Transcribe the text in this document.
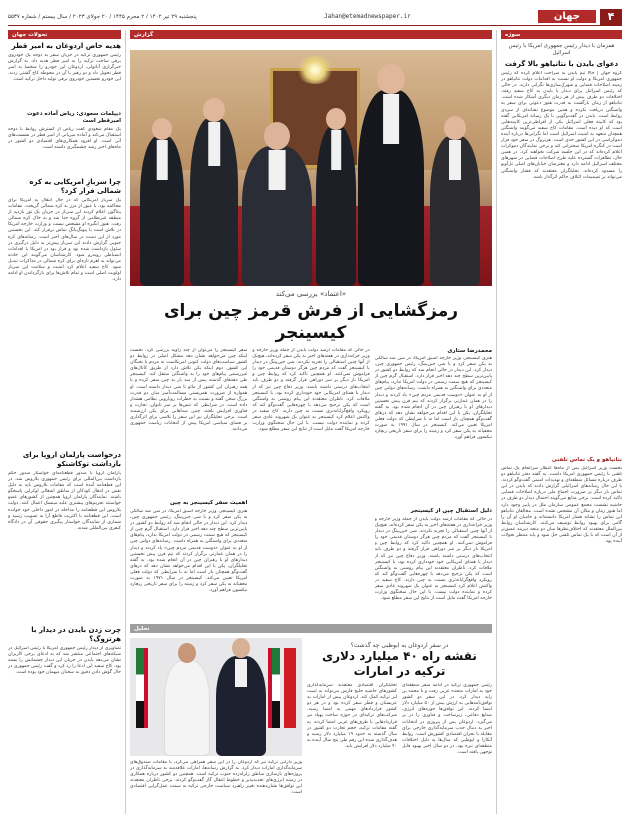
۴
جهان
Jahan@etemadnewspaper.ir
پنجشنبه ۲۹ تیر ۱۴۰۲ / ۲ محرم ۱۴۴۵ / ۲۰ جولای ۲۰۲۳ / سال بیستم / شماره ۵۵۳۷
سوژه
همزمان با دیدار رئیس جمهوری امریکا با رئیس اسرائیل
دعوای بایدن با نتانیاهو بالا گرفت
گروه جهان | حالا تیم بایدن به صراحت اعلام کرده که رئیس جمهوری امریکا و دولت او نسبت به اقدامات دولت نتانیاهو در زمینه اصلاحات قضایی و شهرک‌سازی‌ها نگرانی دارند. در حالی که رئیس اسرائیل برای دیدار با بایدن به کاخ سفید رفته، اختلافات دو طرف بیش از هر زمان دیگری آشکار شده است. نتانیاهو از زمان بازگشت به قدرت هنوز دعوتی برای سفر به واشنگتن دریافت نکرده و همین موضوع نشانه‌ای از سردی روابط است. بایدن در گفت‌وگویی با یک رسانه امریکایی گفته بود که کابینه فعلی اسرائیل یکی از افراطی‌ترین کابینه‌هایی است که او دیده است. مقامات کاخ سفید می‌گویند واشنگتن همچنان متعهد به امنیت اسرائیل است اما نگرانی‌ها درباره آینده دموکراسی در این کشور جدی است. هرتزوگ در سفر خود قرار است در کنگره امریکا سخنرانی کند و برخی نمایندگان دموکرات اعلام کرده‌اند که در این جلسه شرکت نخواهند کرد. در همین حال، تظاهرات گسترده علیه طرح اصلاحات قضایی در شهرهای مختلف اسرائیل ادامه دارد و معترضان خیابان‌های اصلی تل‌آویو را مسدود کرده‌اند. تحلیلگران معتقدند که فشار واشنگتن می‌تواند بر تصمیمات ائتلاف حاکم اثرگذار باشد.
نتانیاهو و یک تماس تلفنی
نخست وزیر اسرائیل پس از ماه‌ها انتظار سرانجام یک تماس تلفنی با رئیس جمهوری امریکا داشت. به گفته دفتر نتانیاهو دو طرف درباره مسائل منطقه‌ای و تهدیدات امنیتی گفت‌وگو کردند. با این حال رسانه‌های اسرائیلی گزارش دادند که بایدن در این تماس بار دیگر بر ضرورت اجماع ملی درباره اصلاحات قضایی تاکید کرده است. برخی منابع می‌گویند احتمال دیدار دو طرف در حاشیه نشست مجمع عمومی سازمان ملل در پاییز وجود دارد اما هنوز زمان و مکان آن مشخص نشده است. مخالفان نتانیاهو این تماس را نشانه فشار امریکا دانسته‌اند و حامیان او آن را گامی برای بهبود روابط توصیف می‌کنند. کارشناسان روابط بین‌الملل معتقدند که اختلاف‌نظرها میان دو متحد دیرینه عمیق‌تر از آن است که با یک تماس تلفنی حل شود و باید منتظر تحولات آینده بود.
تحولات جهان
هدیه خاص اردوغان به امیر قطر
رئیس جمهوری ترکیه در جریان سفر به دوحه یک خودروی برقی ساخت ترکیه را به امیر قطر هدیه داد. به گزارش خبرگزاری آناتولی، اردوغان این خودرو را شخصا به امیر قطر تحویل داد و دو رهبر با آن در محوطه کاخ گشتی زدند. این خودرو نخستین خودروی برقی تولید داخل ترکیه است.
دیپلمات سعودی: ریاض آماده دعوت امیرقطر است
یک مقام سعودی گفت ریاض از گسترش روابط با دوحه استقبال می‌کند و آماده میزبانی از امیر قطر در نشست‌های آتی است. او افزود همکاری‌های اقتصادی دو کشور در ماه‌های اخیر رشد چشمگیری داشته است.
چرا سربازِ امریکایی به کره شمالی فرار کرد؟
یک سرباز امریکایی که در حال انتقال به امریکا برای محاکمه بود، با عبور از مرز به کره شمالی گریخت. مقامات پنتاگون اعلام کردند این سرباز در جریان یک تور بازدید از منطقه غیرنظامی از گروه جدا شد و به خاک کره شمالی رفت. هنوز انگیزه او مشخص نیست و وزارت خارجه امریکا در تلاش است با پیونگ‌یانگ تماس برقرار کند. این نخستین مورد از این دست در سال‌های اخیر است. رسانه‌های کره جنوبی گزارش دادند این سرباز پیش‌تر به دلیل درگیری در سئول بازداشت شده بود و قرار بود در امریکا با اقدامات انضباطی روبه‌رو شود. کارشناسان می‌گویند این حادثه می‌تواند به اهرم تازه‌ای برای کره شمالی در مذاکرات تبدیل شود. کاخ سفید اعلام کرد امنیت و سلامت این سرباز اولویت اصلی است و تمام تلاش‌ها برای بازگرداندن او ادامه دارد.
درخواست پارلمان اروپا برای بازداشت توکاشنکو
پارلمان اروپا با صدور قطعنامه‌ای خواستار صدور حکم بازداشت بین‌المللی برای رئیس جمهوری بلاروس شد. در این قطعنامه آمده است که مقامات بلاروس باید به دلیل نقش در انتقال کودکان از مناطق اشغالی اوکراین پاسخگو باشند. نمایندگان پارلمان اروپا همچنین از کشورهای عضو خواستند تحریم‌های بیشتری علیه مینسک اعمال کنند. دولت بلاروس این قطعنامه را مداخله در امور داخلی خود خوانده است. این قطعنامه با اکثریت قاطع آرا به تصویب رسید و شماری از نمایندگان خواستار پیگیری حقوقی آن در دادگاه کیفری بین‌المللی شدند.
چرت زدن بایدن در دیدار با هرتزوگ؟
تصاویری از دیدار رئیس جمهوری امریکا با رئیس اسرائیل در شبکه‌های اجتماعی منتشر شد که به ادعای برخی کاربران نشان می‌دهد بایدن در جریان این دیدار چشمانش را بسته بود. کاخ سفید این ادعا را رد کرد و گفت رئیس جمهوری در حال گوش دادن دقیق به سخنان میهمان خود بوده است.
گزارش
«اعتماد» بررسی می‌کند
رمزگشایی از فرش قرمز چین برای کیسینجر
محمدرضا ستاری
هنری کیسینجر، وزیر خارجه اسبق امریکا، در سن صد سالگی به پکن سفر کرد و با شی جین‌پینگ، رئیس جمهوری چین، دیدار کرد. این دیدار در حالی انجام شد که روابط دو کشور در پایین‌ترین سطح چند دهه اخیر قرار دارد. استقبال گرم چین از کیسینجر که هیچ سمت رسمی در دولت امریکا ندارد، پیام‌های متعددی برای واشنگتن به همراه داشت. رسانه‌های دولتی چین از او به عنوان «دوست قدیمی مردم چین» یاد کردند و دیدار را در همان عمارتی برگزار کردند که نیم قرن پیش نخستین دیدارهای او با رهبران چین در آن انجام شده بود. به گفته تحلیلگران، پکن با این اقدام می‌خواهد نشان دهد که درهای گفت‌وگو همچنان باز است اما نه با شرایطی که دولت فعلی امریکا تعیین می‌کند. کیسینجر در سال ۱۹۷۱ به صورت مخفیانه به پکن سفر کرد و زمینه را برای سفر تاریخی ریچارد نیکسون فراهم آورد.
دلیل استقبال چین از کیسینجر
در حالی که مقامات ارشد دولت بایدن از جمله وزیر خارجه و وزیر خزانه‌داری در هفته‌های اخیر به پکن سفر کرده‌اند، هیچ‌یک از آنها چنین استقبالی را تجربه نکردند. شی جین‌پینگ در دیدار با کیسینجر گفت که مردم چین هرگز دوستان قدیمی خود را فراموش نمی‌کنند. او همچنین تاکید کرد که روابط چین و امریکا بار دیگر بر سر دوراهی قرار گرفته و دو طرف باید انتخاب‌های درستی داشته باشند. وزیر دفاع چین نیز که از دیدار با همتای امریکایی خود خودداری کرده بود، با کیسینجر ملاقات کرد. ناظران معتقدند این پیام روشنی به واشنگتن است که پکن ترجیح می‌دهد با چهره‌هایی گفت‌وگو کند که رویکرد واقع‌گرایانه‌تری نسبت به چین دارند. کاخ سفید در واکنش اعلام کرد کیسینجر به عنوان یک شهروند عادی سفر کرده و نماینده دولت نیست. با این حال سخنگوی وزارت خارجه امریکا گفت مایل است از نتایج این سفر مطلع شود.
در حالی که مقامات ارشد دولت بایدن از جمله وزیر خارجه و وزیر خزانه‌داری در هفته‌های اخیر به پکن سفر کرده‌اند، هیچ‌یک از آنها چنین استقبالی را تجربه نکردند. شی جین‌پینگ در دیدار با کیسینجر گفت که مردم چین هرگز دوستان قدیمی خود را فراموش نمی‌کنند. او همچنین تاکید کرد که روابط چین و امریکا بار دیگر بر سر دوراهی قرار گرفته و دو طرف باید انتخاب‌های درستی داشته باشند. وزیر دفاع چین نیز که از دیدار با همتای امریکایی خود خودداری کرده بود، با کیسینجر ملاقات کرد. ناظران معتقدند این پیام روشنی به واشنگتن است که پکن ترجیح می‌دهد با چهره‌هایی گفت‌وگو کند که رویکرد واقع‌گرایانه‌تری نسبت به چین دارند. کاخ سفید در واکنش اعلام کرد کیسینجر به عنوان یک شهروند عادی سفر کرده و نماینده دولت نیست. با این حال سخنگوی وزارت خارجه امریکا گفت مایل است از نتایج این سفر مطلع شود.
سفر کیسینجر را می‌توان از چند زاویه بررسی کرد. نخست اینکه چین می‌خواهد نشان دهد مشکل اصلی در روابط دو کشور سیاست‌های دولت کنونی امریکاست نه مردم یا نخبگان این کشور. دوم اینکه پکن تلاش دارد از طریق کانال‌های غیررسمی پیام‌های خود را به واشنگتن منتقل کند. کیسینجر طی دهه‌های گذشته بیش از صد بار به چین سفر کرده و با همه رهبران این کشور از مائو تا شی دیدار داشته است. او همواره از ضرورت همزیستی مسالمت‌آمیز میان دو قدرت بزرگ سخن گفته و نسبت به خطرات رویارویی نظامی هشدار داده است. در شرایطی که تنش‌ها بر سر تایوان، تجارت و فناوری افزایش یافته، چنین صداهایی برای پکن ارزشمند است. برخی تحلیلگران نیز این سفر را تلاشی برای اثرگذاری بر فضای سیاسی امریکا پیش از انتخابات ریاست جمهوری می‌دانند.
اهمیت سفر کیسینجر به چین
هنری کیسینجر، وزیر خارجه اسبق امریکا، در سن صد سالگی به پکن سفر کرد و با شی جین‌پینگ، رئیس جمهوری چین، دیدار کرد. این دیدار در حالی انجام شد که روابط دو کشور در پایین‌ترین سطح چند دهه اخیر قرار دارد. استقبال گرم چین از کیسینجر که هیچ سمت رسمی در دولت امریکا ندارد، پیام‌های متعددی برای واشنگتن به همراه داشت. رسانه‌های دولتی چین از او به عنوان «دوست قدیمی مردم چین» یاد کردند و دیدار را در همان عمارتی برگزار کردند که نیم قرن پیش نخستین دیدارهای او با رهبران چین در آن انجام شده بود. به گفته تحلیلگران، پکن با این اقدام می‌خواهد نشان دهد که درهای گفت‌وگو همچنان باز است اما نه با شرایطی که دولت فعلی امریکا تعیین می‌کند. کیسینجر در سال ۱۹۷۱ به صورت مخفیانه به پکن سفر کرد و زمینه را برای سفر تاریخی ریچارد نیکسون فراهم آورد.
تحلیل
در سفر اردوغان به ابوظبی چه گذشت؟
نقشه راه ۴۰ میلیارد دلاری ترکیه در امارات
رئیس جمهوری ترکیه در ادامه سفر منطقه‌ای خود به امارات متحده عربی رفت و با محمد بن زاید دیدار کرد. در این سفر دو کشور توافق‌نامه‌هایی به ارزش بیش از ۵۰ میلیارد دلار امضا کردند. این توافق‌ها حوزه‌های انرژی، صنایع دفاعی، زیرساخت و فناوری را در بر می‌گیرد. اردوغان پس از پیروزی در انتخابات اخیر به دنبال جذب سرمایه‌گذاری خارجی برای مقابله با بحران اقتصادی کشورش است. روابط آنکارا و ابوظبی که سال‌ها به دلیل اختلافات منطقه‌ای تیره بود، در دو سال اخیر بهبود قابل توجهی یافته است.
تحلیلگران اقتصادی معتقدند سرمایه‌گذاری کشورهای حاشیه خلیج فارس می‌تواند به تثبیت لیر ترکیه کمک کند. اردوغان پیش از امارات به عربستان و قطر سفر کرده بود و در هر دو کشور قراردادهای مهمی به امضا رسید. شرکت‌های ترکیه‌ای در حوزه ساخت پهپاد نیز قراردادهایی با طرف‌های عربی امضا کردند. به گفته مقامات ترکیه، حجم تجارت دو کشور در سال گذشته به حدود ۱۹ میلیارد دلار رسید و هدف‌گذاری شده این رقم طی پنج سال آینده به ۴۰ میلیارد دلار افزایش یابد.
وزیر دارایی ترکیه نیز که اردوغان را در این سفر همراهی می‌کرد، با مقامات صندوق‌های سرمایه‌گذاری امارات دیدار کرد. به گزارش رسانه‌ها، امارات علاقه‌مند به سرمایه‌گذاری در پروژه‌های بازسازی مناطق زلزله‌زده جنوب ترکیه است. همچنین دو کشور درباره همکاری در زمینه انرژی‌های تجدیدپذیر و خطوط انتقال گاز گفت‌وگو کردند. برخی ناظران معتقدند این توافق‌ها نشان‌دهنده تغییر راهبرد سیاست خارجی ترکیه به سمت عمل‌گرایی اقتصادی است.
